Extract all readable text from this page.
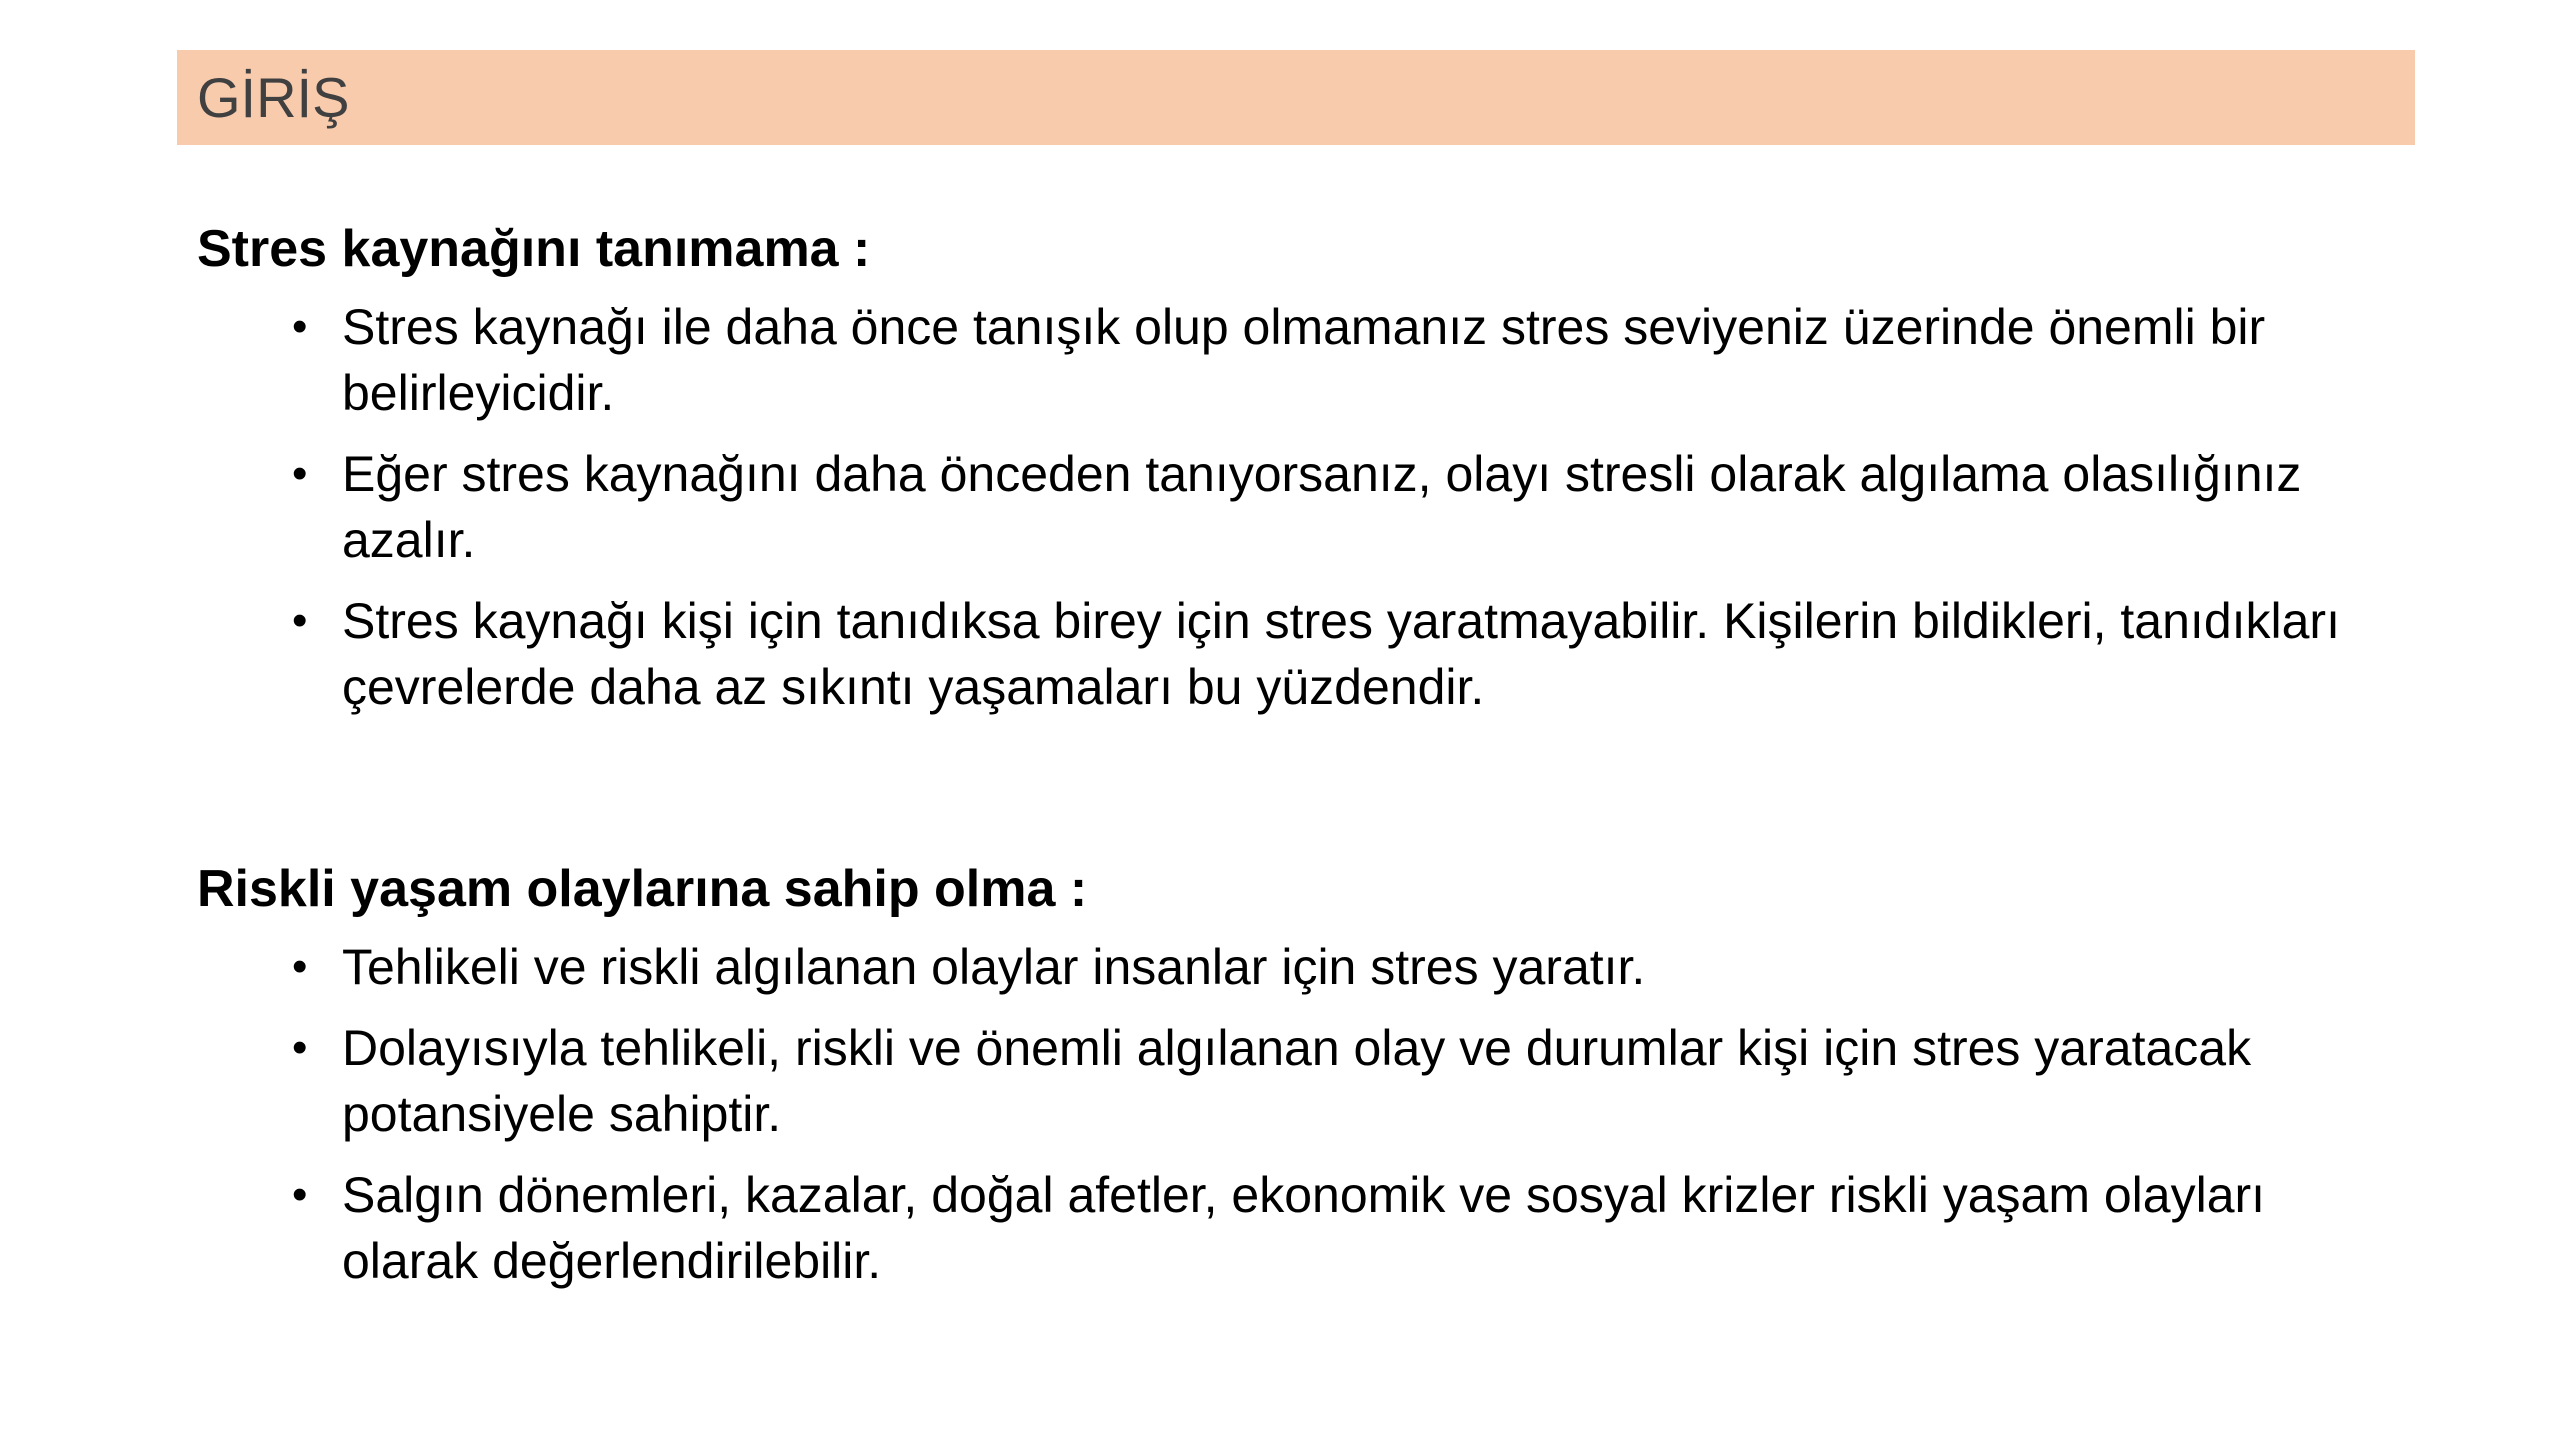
GİRİŞ
Stres kaynağını tanımama :
• Stres kaynağı ile daha önce tanışık olup olmamanız stres seviyeniz üzerinde önemli bir belirleyicidir.
• Eğer stres kaynağını daha önceden tanıyorsanız, olayı stresli olarak algılama olasılığınız azalır.
• Stres kaynağı kişi için tanıdıksa birey için stres yaratmayabilir. Kişilerin bildikleri, tanıdıkları çevrelerde daha az sıkıntı yaşamaları bu yüzdendir.
Riskli yaşam olaylarına sahip olma :
• Tehlikeli ve riskli algılanan olaylar insanlar için stres yaratır.
• Dolayısıyla tehlikeli, riskli ve önemli algılanan olay ve durumlar kişi için stres yaratacak potansiyele sahiptir.
• Salgın dönemleri, kazalar, doğal afetler, ekonomik ve sosyal krizler riskli yaşam olayları olarak değerlendirilebilir.
